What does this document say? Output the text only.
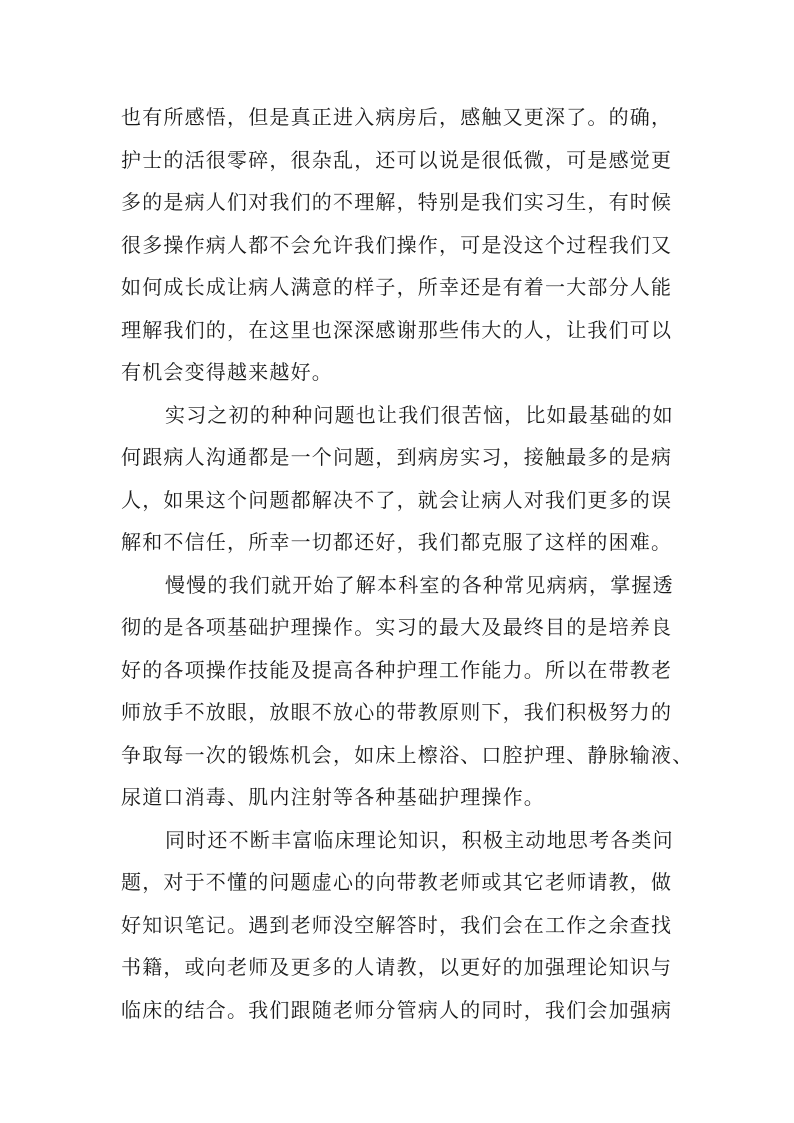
也有所感悟，但是真正进入病房后，感触又更深了。的确，
护士的活很零碎，很杂乱，还可以说是很低微，可是感觉更
多的是病人们对我们的不理解，特别是我们实习生，有时候
很多操作病人都不会允许我们操作，可是没这个过程我们又
如何成长成让病人满意的样子，所幸还是有着一大部分人能
理解我们的，在这里也深深感谢那些伟大的人，让我们可以
有机会变得越来越好。
实习之初的种种问题也让我们很苦恼，比如最基础的如
何跟病人沟通都是一个问题，到病房实习，接触最多的是病
人，如果这个问题都解决不了，就会让病人对我们更多的误
解和不信任，所幸一切都还好，我们都克服了这样的困难。
慢慢的我们就开始了解本科室的各种常见病病，掌握透
彻的是各项基础护理操作。实习的最大及最终目的是培养良
好的各项操作技能及提高各种护理工作能力。所以在带教老
师放手不放眼，放眼不放心的带教原则下，我们积极努力的
争取每一次的锻炼机会，如床上檫浴、口腔护理、静脉输液、
尿道口消毒、肌内注射等各种基础护理操作。
同时还不断丰富临床理论知识，积极主动地思考各类问
题，对于不懂的问题虚心的向带教老师或其它老师请教，做
好知识笔记。遇到老师没空解答时，我们会在工作之余查找
书籍，或向老师及更多的人请教，以更好的加强理论知识与
临床的结合。我们跟随老师分管病人的同时，我们会加强病
